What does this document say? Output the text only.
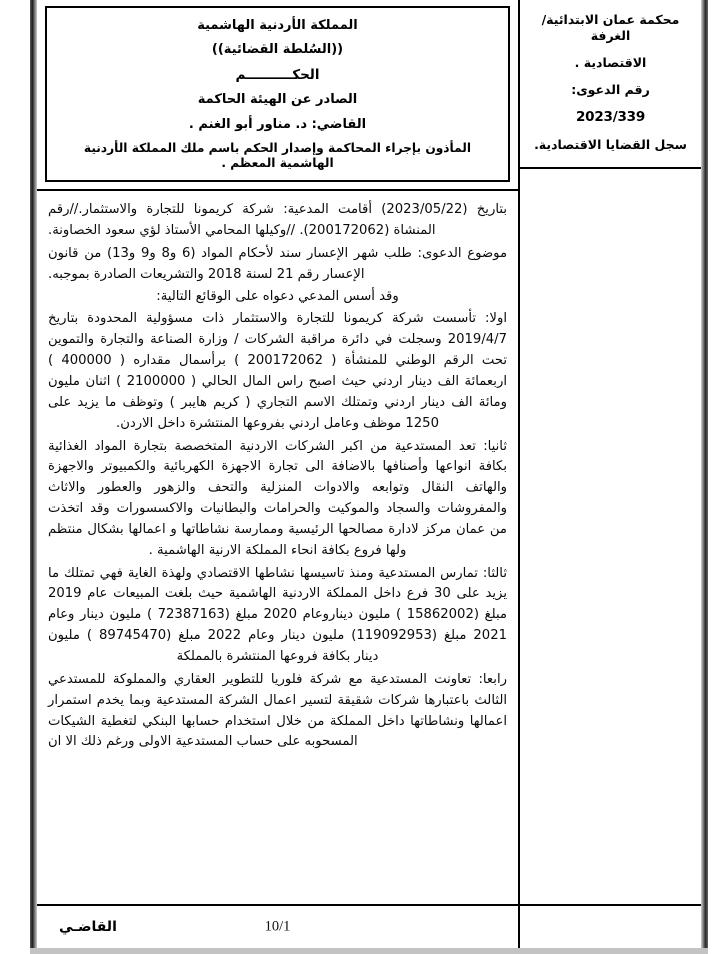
محكمة عمان الابتدائية/الغرفة

الاقتصادية .

رقم الدعوى:

2023/339

سجل القضايا الاقتصادية.

المملكة الأردنية الهاشمية

((السُلطة القضائية))

الحكــــــــــم

الصادر عن الهيئة الحاكمة

القاضي: د. مناور أبو الغنم .

المأذون بإجراء المحاكمة وإصدار الحكم باسم ملك المملكة الأردنية الهاشمية المعظم .

بتاريخ (2023/05/22) أقامت المدعية: شركة كريمونا للتجارة والاستثمار.//رقم المنشاة (200172062). //وكيلها المحامي الأستاذ لؤي سعود الخصاونة.

موضوع الدعوى: طلب شهر الإعسار سند لأحكام المواد (6 و8 و9 و13) من قانون الإعسار رقم 21 لسنة 2018 والتشريعات الصادرة بموجبه.

وقد أسس المدعي دعواه على الوقائع التالية:

اولا: تأسست شركة كريمونا للتجارة والاستثمار ذات مسؤولية المحدودة بتاريخ 2019/4/7 وسجلت في دائرة مراقبة الشركات / وزارة الصناعة والتجارة والتموين تحت الرقم الوطني للمنشأة ( 200172062 ) برأسمال مقداره ( 400000 ) اربعمائة الف دينار اردني حيث اصبح راس المال الحالي ( 2100000 ) اثنان مليون ومائة الف دينار اردني وتمتلك الاسم التجاري ( كريم هايبر ) وتوظف ما يزيد على 1250 موظف وعامل اردني بفروعها المنتشرة داخل الاردن.

ثانيا: تعد المستدعية من اكبر الشركات الاردنية المتخصصة بتجارة المواد الغذائية بكافة انواعها وأصنافها بالاضافة الى تجارة الاجهزة الكهربائية والكمبيوتر والاجهزة والهاتف النقال وتوابعه والادوات المنزلية والتحف والزهور والعطور والاثاث والمفروشات والسجاد والموكيت والحرامات والبطانيات والاكسسورات وقد اتخذت من عمان مركز لادارة مصالحها الرئيسية وممارسة نشاطاتها و اعمالها بشكال منتظم ولها فروع بكافة انحاء المملكة الارنية الهاشمية .

ثالثا: تمارس المستدعية ومنذ تاسيسها نشاطها الاقتصادي ولهذة الغاية فهي تمتلك ما يزيد على 30 فرع داخل المملكة الاردنية الهاشمية حيث بلغت المبيعات عام 2019 مبلغ (15862002 ) مليون ديناروعام 2020 مبلغ (72387163 ) مليون دينار وعام 2021 مبلغ (119092953) مليون دينار وعام 2022 مبلغ (89745470 ) مليون دينار بكافة فروعها المنتشرة بالمملكة

رابعا: تعاونت المستدعية مع شركة فلوريا للتطوير العقاري والمملوكة للمستدعي الثالث باعتبارها شركات شقيقة لتسير اعمال الشركة المستدعية وبما يخدم استمرار اعمالها ونشاطاتها داخل المملكة من خلال استخدام حسابها البنكي لتغطية الشيكات المسحوبه على حساب المستدعية الاولى ورغم ذلك الا ان

القاضـي	10/1
